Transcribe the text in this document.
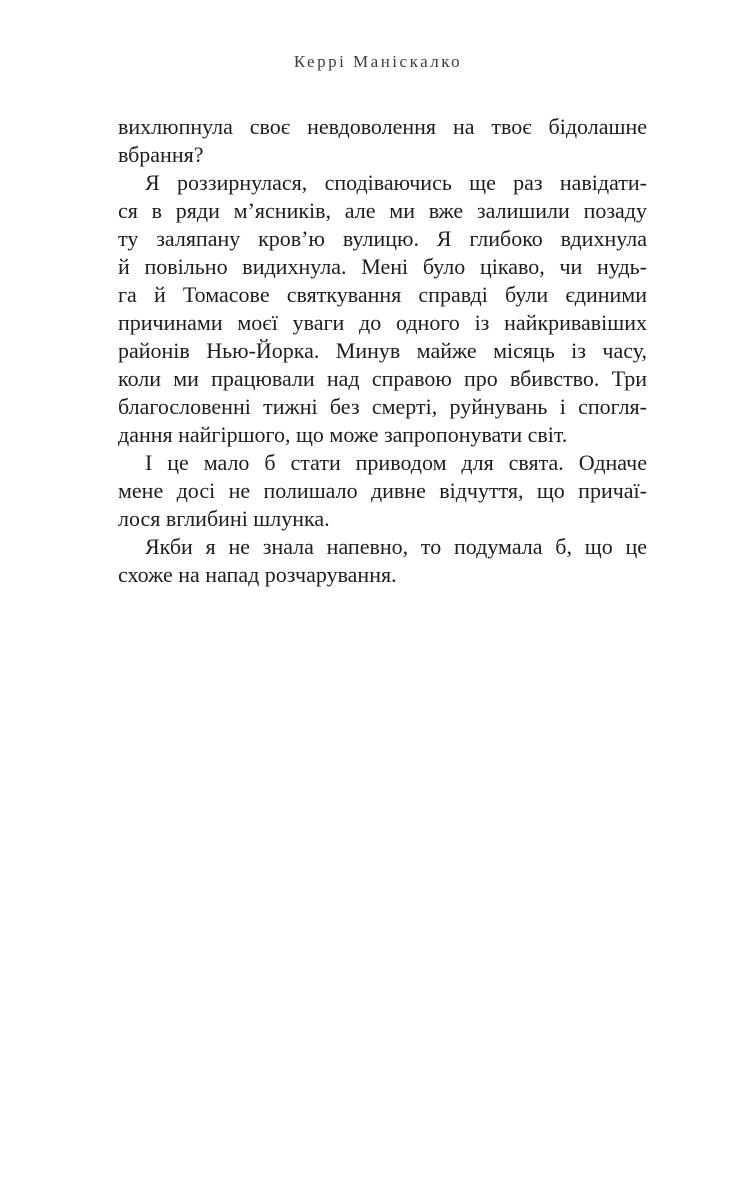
Керрі Маніскалко
вихлюпнула своє невдоволення на твоє бідолашне
вбрання?
Я роззирнулася, сподіваючись ще раз навідати-
ся в ряди м’ясників, але ми вже залишили позаду
ту заляпану кров’ю вулицю. Я глибоко вдихнула
й повільно видихнула. Мені було цікаво, чи нудь-
га й Томасове святкування справді були єдиними
причинами моєї уваги до одного із найкривавіших
районів Нью-Йорка. Минув майже місяць із часу,
коли ми працювали над справою про вбивство. Три
благословенні тижні без смерті, руйнувань і спогля-
дання найгіршого, що може запропонувати світ.
І це мало б стати приводом для свята. Одначе
мене досі не полишало дивне відчуття, що причаї-
лося вглибині шлунка.
Якби я не знала напевно, то подумала б, що це
схоже на напад розчарування.
